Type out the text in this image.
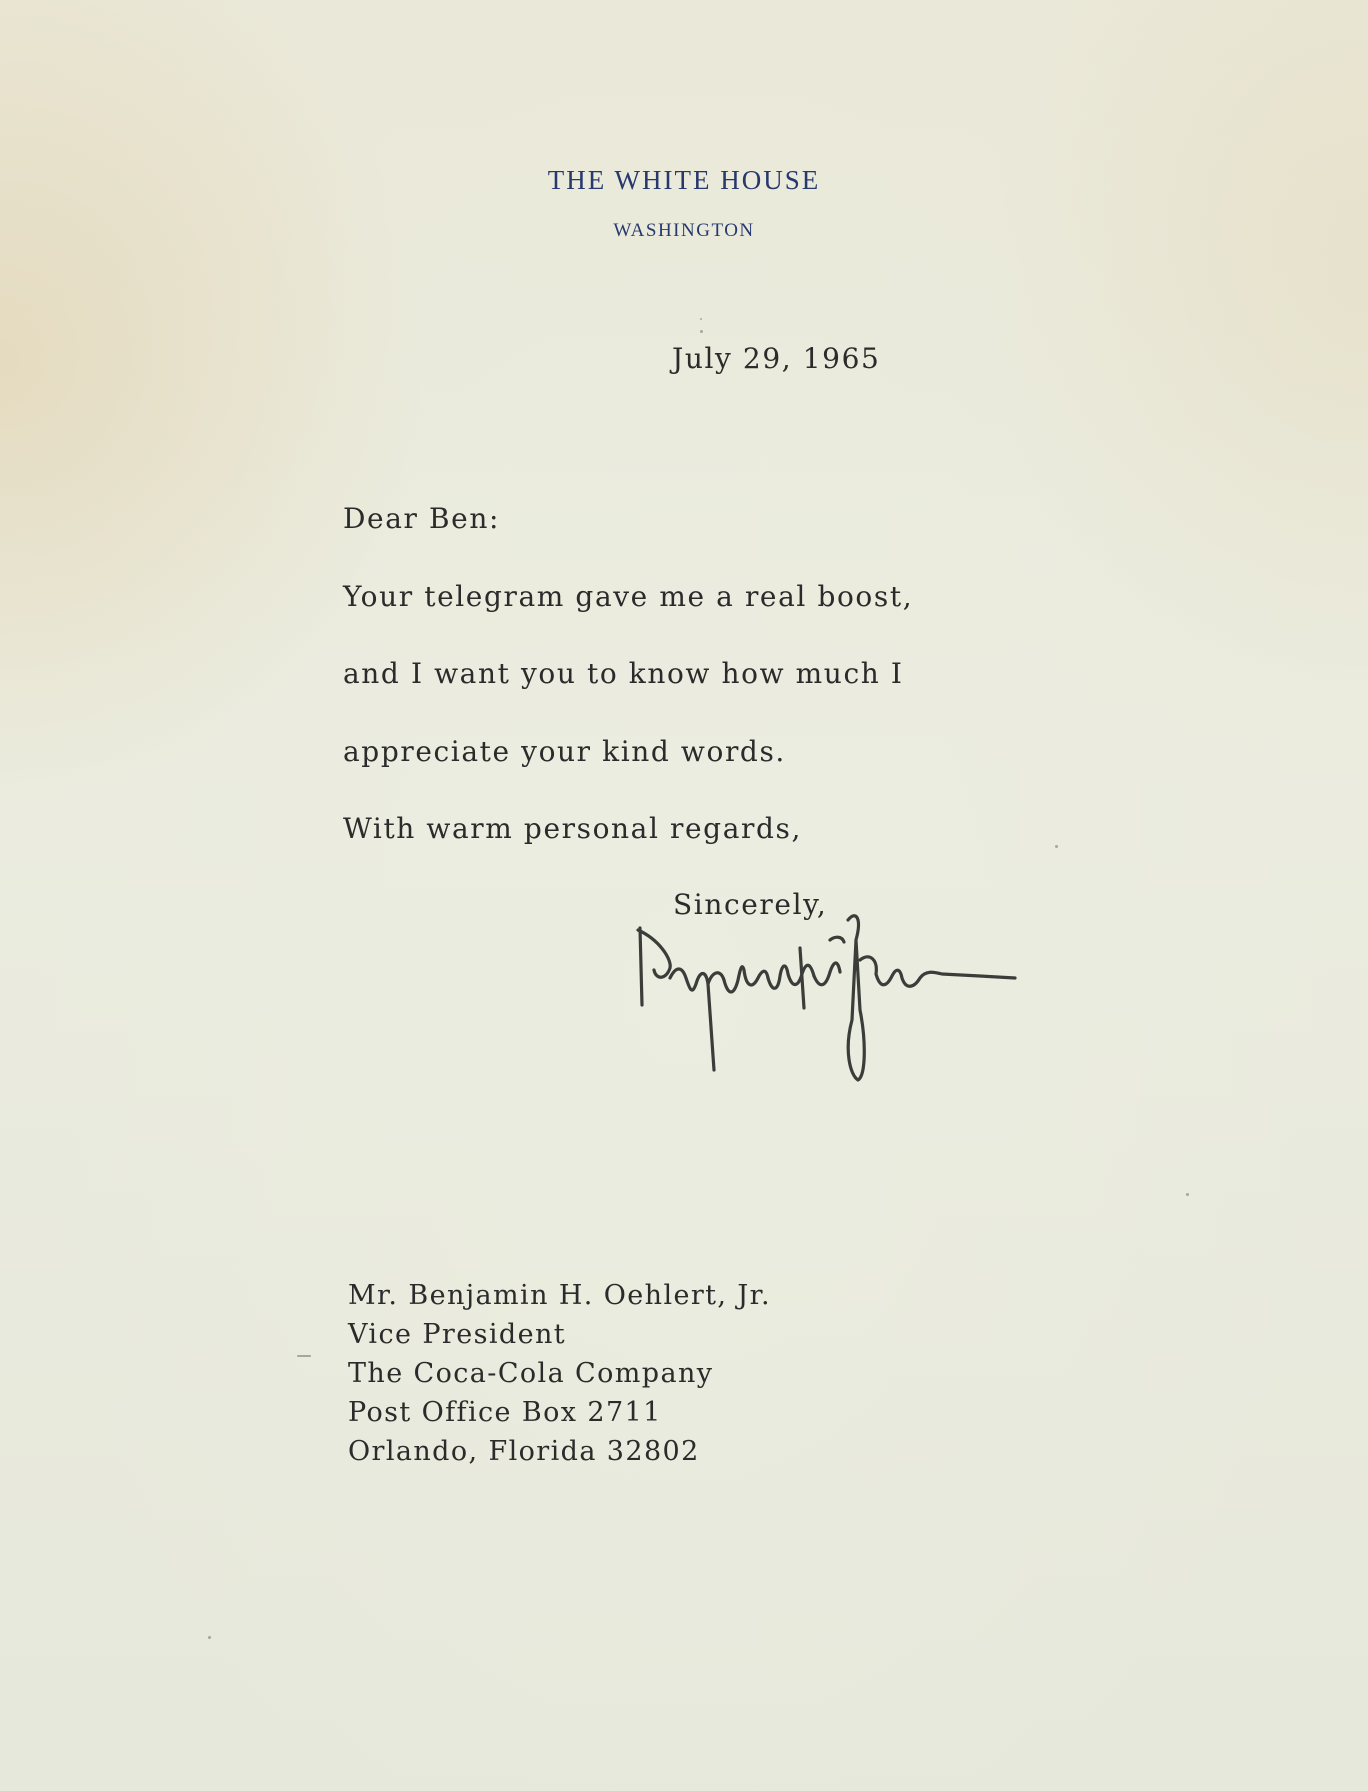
THE WHITE HOUSE
WASHINGTON
July 29, 1965
Dear Ben:
Your telegram gave me a real boost,
and I want you to know how much I
appreciate your kind words.
With warm personal regards,
Sincerely,
Mr. Benjamin H. Oehlert, Jr.
Vice President
The Coca-Cola Company
Post Office Box 2711
Orlando, Florida 32802
